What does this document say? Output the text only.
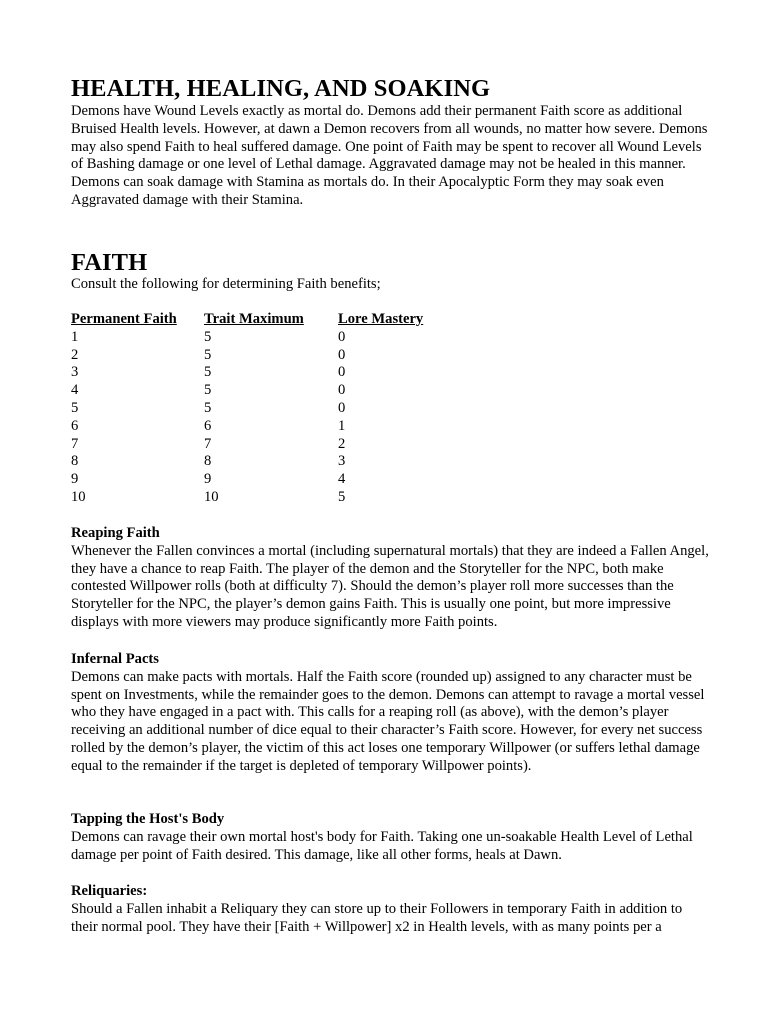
HEALTH, HEALING, AND SOAKING

Demons have Wound Levels exactly as mortal do. Demons add their permanent Faith score as additional Bruised Health levels. However, at dawn a Demon recovers from all wounds, no matter how severe. Demons may also spend Faith to heal suffered damage. One point of Faith may be spent to recover all Wound Levels of Bashing damage or one level of Lethal damage. Aggravated damage may not be healed in this manner. Demons can soak damage with Stamina as mortals do. In their Apocalyptic Form they may soak even Aggravated damage with their Stamina.

FAITH

Consult the following for determining Faith benefits;

Permanent Faith	Trait Maximum	Lore Mastery
1	5	0
2	5	0
3	5	0
4	5	0
5	5	0
6	6	1
7	7	2
8	8	3
9	9	4
10	10	5

Reaping Faith

Whenever the Fallen convinces a mortal (including supernatural mortals) that they are indeed a Fallen Angel, they have a chance to reap Faith. The player of the demon and the Storyteller for the NPC, both make contested Willpower rolls (both at difficulty 7). Should the demon’s player roll more successes than the Storyteller for the NPC, the player’s demon gains Faith. This is usually one point, but more impressive displays with more viewers may produce significantly more Faith points.

Infernal Pacts

Demons can make pacts with mortals. Half the Faith score (rounded up) assigned to any character must be spent on Investments, while the remainder goes to the demon. Demons can attempt to ravage a mortal vessel who they have engaged in a pact with. This calls for a reaping roll (as above), with the demon’s player receiving an additional number of dice equal to their character’s Faith score. However, for every net success rolled by the demon’s player, the victim of this act loses one temporary Willpower (or suffers lethal damage equal to the remainder if the target is depleted of temporary Willpower points).

Tapping the Host's Body

Demons can ravage their own mortal host's body for Faith. Taking one un-soakable Health Level of Lethal damage per point of Faith desired. This damage, like all other forms, heals at Dawn.

Reliquaries:

Should a Fallen inhabit a Reliquary they can store up to their Followers in temporary Faith in addition to their normal pool. They have their [Faith + Willpower] x2 in Health levels, with as many points per a
